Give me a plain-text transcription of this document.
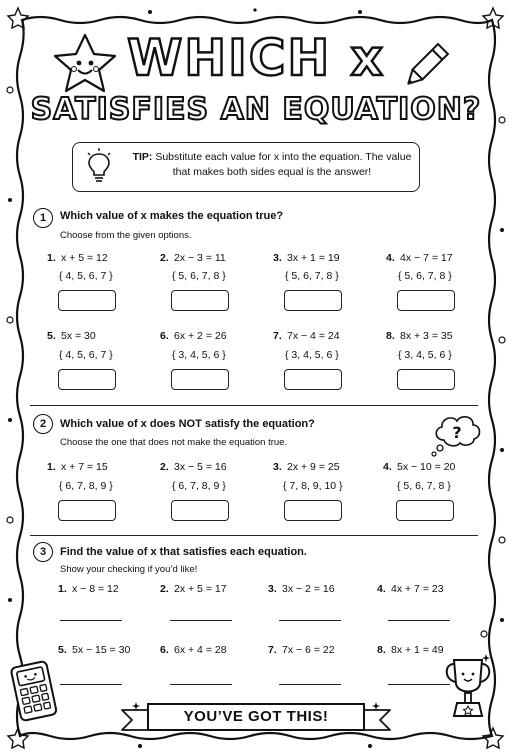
WHICH x
SATISFIES AN EQUATION?
TIP: Substitute each value for x into the equation. The value that makes both sides equal is the answer!
1	Which value of x makes the equation true?
Choose from the given options.
1. x + 5 = 12
{ 4, 5, 6, 7 }
2. 2x − 3 = 11
{ 5, 6, 7, 8 }
3. 3x + 1 = 19
{ 5, 6, 7, 8 }
4. 4x − 7 = 17
{ 5, 6, 7, 8 }
5. 5x = 30
{ 4, 5, 6, 7 }
6. 6x + 2 = 26
{ 3, 4, 5, 6 }
7. 7x − 4 = 24
{ 3, 4, 5, 6 }
8. 8x + 3 = 35
{ 3, 4, 5, 6 }
2	Which value of x does NOT satisfy the equation?
Choose the one that does not make the equation true.
?
1. x + 7 = 15
{ 6, 7, 8, 9 }
2. 3x − 5 = 16
{ 6, 7, 8, 9 }
3. 2x + 9 = 25
{ 7, 8, 9, 10 }
4. 5x − 10 = 20
{ 5, 6, 7, 8 }
3	Find the value of x that satisfies each equation.
Show your checking if you’d like!
1. x − 8 = 12	2. 2x + 5 = 17	3. 3x − 2 = 16	4. 4x + 7 = 23
5. 5x − 15 = 30	6. 6x + 4 = 28	7. 7x − 6 = 22	8. 8x + 1 = 49
YOU’VE GOT THIS!
